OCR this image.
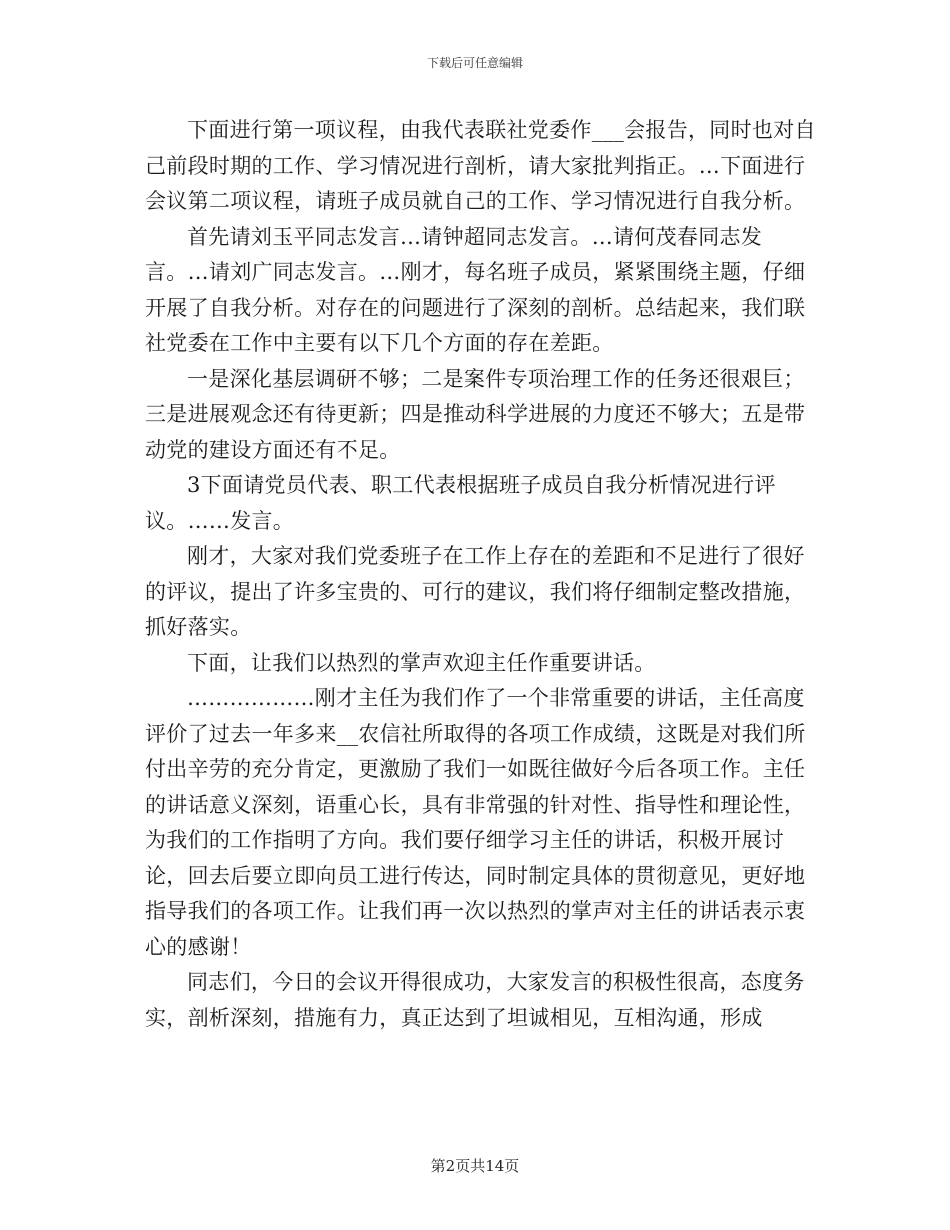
下载后可任意编辑

下面进行第一项议程，由我代表联社党委作___会报告，同时也对自己前段时期的工作、学习情况进行剖析，请大家批判指正。…下面进行会议第二项议程，请班子成员就自己的工作、学习情况进行自我分析。

首先请刘玉平同志发言…请钟超同志发言。…请何茂春同志发言。…请刘广同志发言。…刚才，每名班子成员，紧紧围绕主题，仔细开展了自我分析。对存在的问题进行了深刻的剖析。总结起来，我们联社党委在工作中主要有以下几个方面的存在差距。

一是深化基层调研不够；二是案件专项治理工作的任务还很艰巨；三是进展观念还有待更新；四是推动科学进展的力度还不够大；五是带动党的建设方面还有不足。

3下面请党员代表、职工代表根据班子成员自我分析情况进行评议。……发言。

刚才，大家对我们党委班子在工作上存在的差距和不足进行了很好的评议，提出了许多宝贵的、可行的建议，我们将仔细制定整改措施，抓好落实。

下面，让我们以热烈的掌声欢迎主任作重要讲话。

………………刚才主任为我们作了一个非常重要的讲话，主任高度评价了过去一年多来__农信社所取得的各项工作成绩，这既是对我们所付出辛劳的充分肯定，更激励了我们一如既往做好今后各项工作。主任的讲话意义深刻，语重心长，具有非常强的针对性、指导性和理论性，为我们的工作指明了方向。我们要仔细学习主任的讲话，积极开展讨论，回去后要立即向员工进行传达，同时制定具体的贯彻意见，更好地指导我们的各项工作。让我们再一次以热烈的掌声对主任的讲话表示衷心的感谢！

同志们，今日的会议开得很成功，大家发言的积极性很高，态度务实，剖析深刻，措施有力，真正达到了坦诚相见，互相沟通，形成

第2页共14页
